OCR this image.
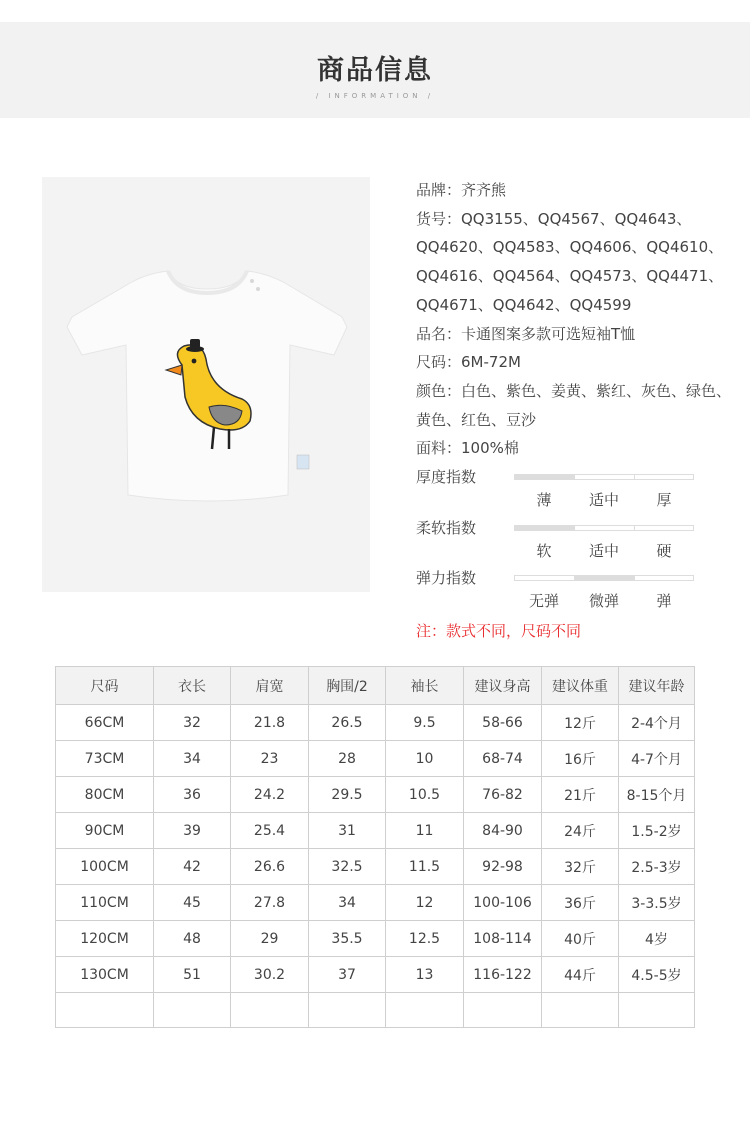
商品信息
/ INFORMATION /
品牌：齐齐熊
货号：QQ3155、QQ4567、QQ4643、
QQ4620、QQ4583、QQ4606、QQ4610、
QQ4616、QQ4564、QQ4573、QQ4471、
QQ4671、QQ4642、QQ4599
品名：卡通图案多款可选短袖T恤
尺码：6M-72M
颜色：白色、紫色、姜黄、紫红、灰色、绿色、
黄色、红色、豆沙
面料：100%棉
厚度指数
薄	适中	厚
柔软指数
软	适中	硬
弹力指数
无弹	微弹	弹
注：款式不同，尺码不同
尺码	衣长	肩宽	胸围/2	袖长	建议身高	建议体重	建议年龄
66CM	32	21.8	26.5	9.5	58-66	12斤	2-4个月
73CM	34	23	28	10	68-74	16斤	4-7个月
80CM	36	24.2	29.5	10.5	76-82	21斤	8-15个月
90CM	39	25.4	31	11	84-90	24斤	1.5-2岁
100CM	42	26.6	32.5	11.5	92-98	32斤	2.5-3岁
110CM	45	27.8	34	12	100-106	36斤	3-3.5岁
120CM	48	29	35.5	12.5	108-114	40斤	4岁
130CM	51	30.2	37	13	116-122	44斤	4.5-5岁
